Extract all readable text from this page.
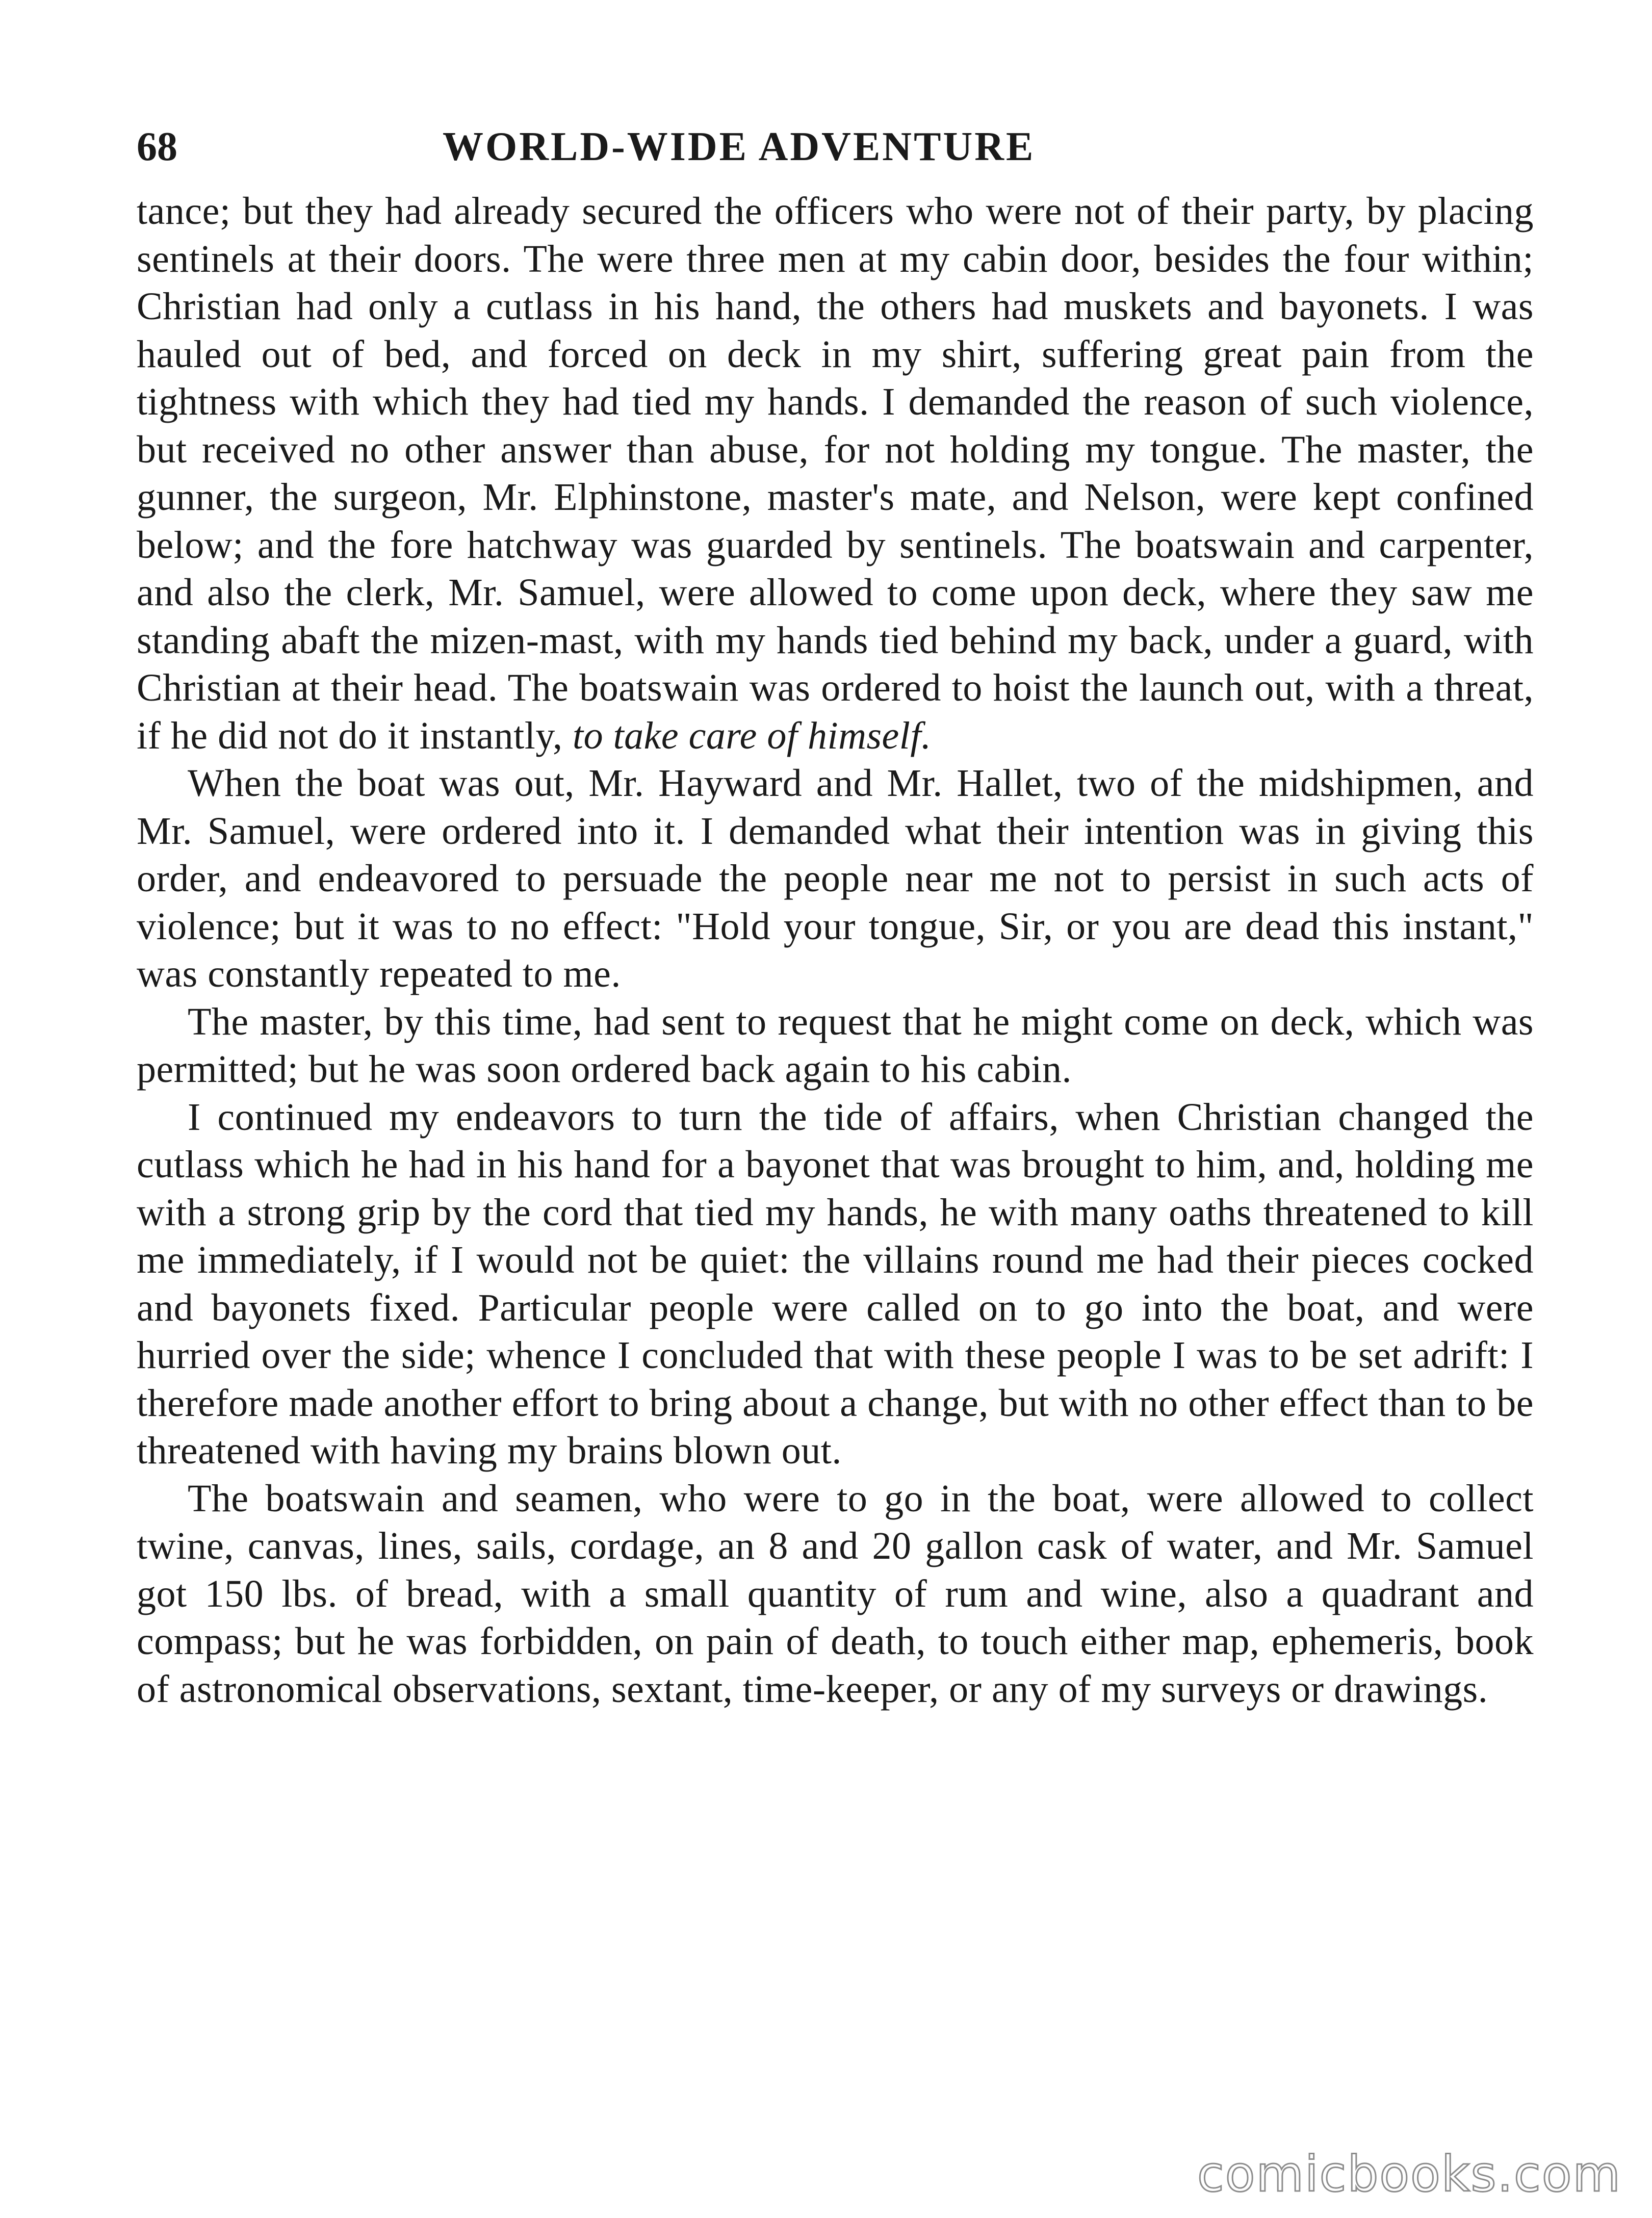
68	WORLD-WIDE ADVENTURE

tance; but they had already secured the officers who were not of their party, by placing sentinels at their doors. The were three men at my cabin door, besides the four within; Christian had only a cutlass in his hand, the others had muskets and bayonets. I was hauled out of bed, and forced on deck in my shirt, suffering great pain from the tightness with which they had tied my hands. I demanded the reason of such violence, but received no other answer than abuse, for not holding my tongue. The master, the gunner, the surgeon, Mr. Elphinstone, master's mate, and Nelson, were kept confined below; and the fore hatchway was guarded by sentinels. The boatswain and carpenter, and also the clerk, Mr. Samuel, were allowed to come upon deck, where they saw me standing abaft the mizen-mast, with my hands tied behind my back, under a guard, with Christian at their head. The boatswain was ordered to hoist the launch out, with a threat, if he did not do it instantly, to take care of himself.

When the boat was out, Mr. Hayward and Mr. Hallet, two of the midshipmen, and Mr. Samuel, were ordered into it. I demanded what their intention was in giving this order, and endeavored to persuade the people near me not to persist in such acts of violence; but it was to no effect: "Hold your tongue, Sir, or you are dead this instant," was constantly repeated to me.

The master, by this time, had sent to request that he might come on deck, which was permitted; but he was soon ordered back again to his cabin.

I continued my endeavors to turn the tide of affairs, when Christian changed the cutlass which he had in his hand for a bayonet that was brought to him, and, holding me with a strong grip by the cord that tied my hands, he with many oaths threatened to kill me immediately, if I would not be quiet: the villains round me had their pieces cocked and bayonets fixed. Particular people were called on to go into the boat, and were hurried over the side; whence I concluded that with these people I was to be set adrift: I therefore made another effort to bring about a change, but with no other effect than to be threatened with having my brains blown out.

The boatswain and seamen, who were to go in the boat, were allowed to collect twine, canvas, lines, sails, cordage, an 8 and 20 gallon cask of water, and Mr. Samuel got 150 lbs. of bread, with a small quantity of rum and wine, also a quadrant and compass; but he was forbidden, on pain of death, to touch either map, ephemeris, book of astronomical observations, sextant, time-keeper, or any of my surveys or drawings.

comicbooks.com
